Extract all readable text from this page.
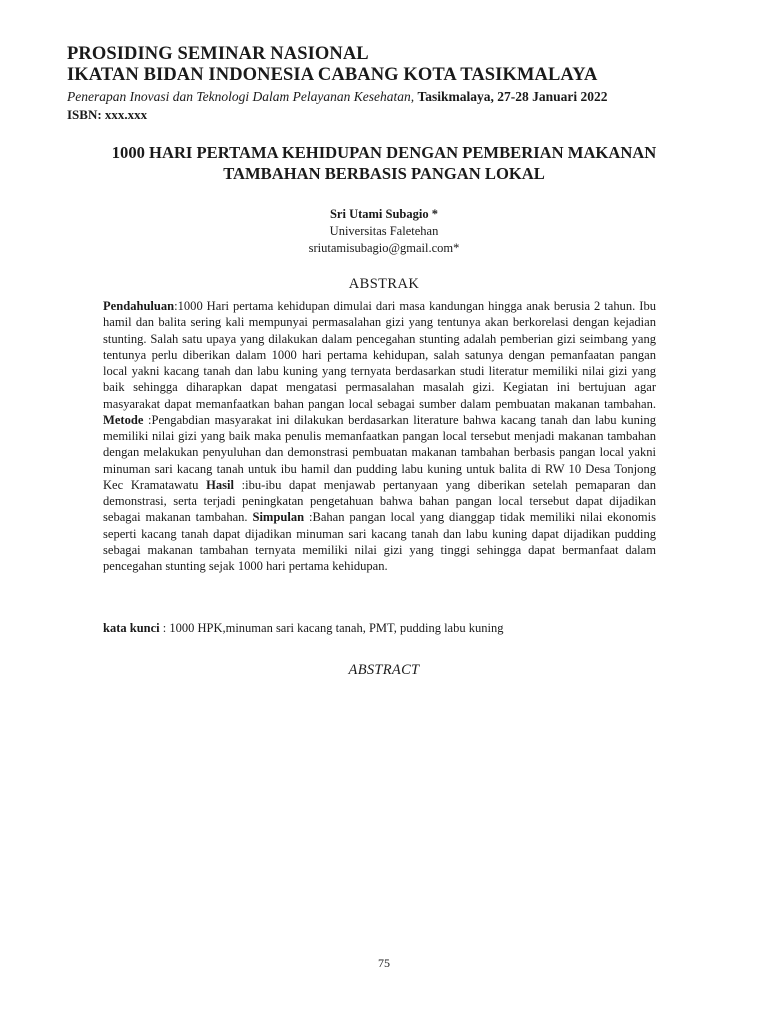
PROSIDING SEMINAR NASIONAL
IKATAN BIDAN INDONESIA CABANG KOTA TASIKMALAYA
Penerapan Inovasi dan Teknologi Dalam Pelayanan Kesehatan, Tasikmalaya, 27-28 Januari 2022
ISBN: xxx.xxx
1000 HARI PERTAMA KEHIDUPAN DENGAN PEMBERIAN MAKANAN
TAMBAHAN BERBASIS PANGAN LOKAL
Sri Utami Subagio *
Universitas Faletehan
sriutamisubagio@gmail.com*
ABSTRAK
Pendahuluan:1000 Hari pertama kehidupan dimulai dari masa kandungan hingga anak berusia 2 tahun. Ibu hamil dan balita sering kali mempunyai permasalahan gizi yang tentunya akan berkorelasi dengan kejadian stunting. Salah satu upaya yang dilakukan dalam pencegahan stunting adalah pemberian gizi seimbang yang tentunya perlu diberikan dalam 1000 hari pertama kehidupan, salah satunya dengan pemanfaatan pangan local yakni kacang tanah dan labu kuning yang ternyata berdasarkan studi literatur memiliki nilai gizi yang baik sehingga diharapkan dapat mengatasi permasalahan masalah gizi. Kegiatan ini bertujuan agar masyarakat dapat memanfaatkan bahan pangan local sebagai sumber dalam pembuatan makanan tambahan. Metode :Pengabdian masyarakat ini dilakukan berdasarkan literature bahwa kacang tanah dan labu kuning memiliki nilai gizi yang baik maka penulis memanfaatkan pangan local tersebut menjadi makanan tambahan dengan melakukan penyuluhan dan demonstrasi pembuatan makanan tambahan berbasis pangan local yakni minuman sari kacang tanah untuk ibu hamil dan pudding labu kuning untuk balita di RW 10 Desa Tonjong Kec Kramatawatu Hasil :ibu-ibu dapat menjawab pertanyaan yang diberikan setelah pemaparan dan demonstrasi, serta terjadi peningkatan pengetahuan bahwa bahan pangan local tersebut dapat dijadikan sebagai makanan tambahan. Simpulan :Bahan pangan local yang dianggap tidak memiliki nilai ekonomis seperti kacang tanah dapat dijadikan minuman sari kacang tanah dan labu kuning dapat dijadikan pudding sebagai makanan tambahan ternyata memiliki nilai gizi yang tinggi sehingga dapat bermanfaat dalam pencegahan stunting sejak 1000 hari pertama kehidupan.
kata kunci : 1000 HPK,minuman sari kacang tanah, PMT, pudding labu kuning
ABSTRACT
75
